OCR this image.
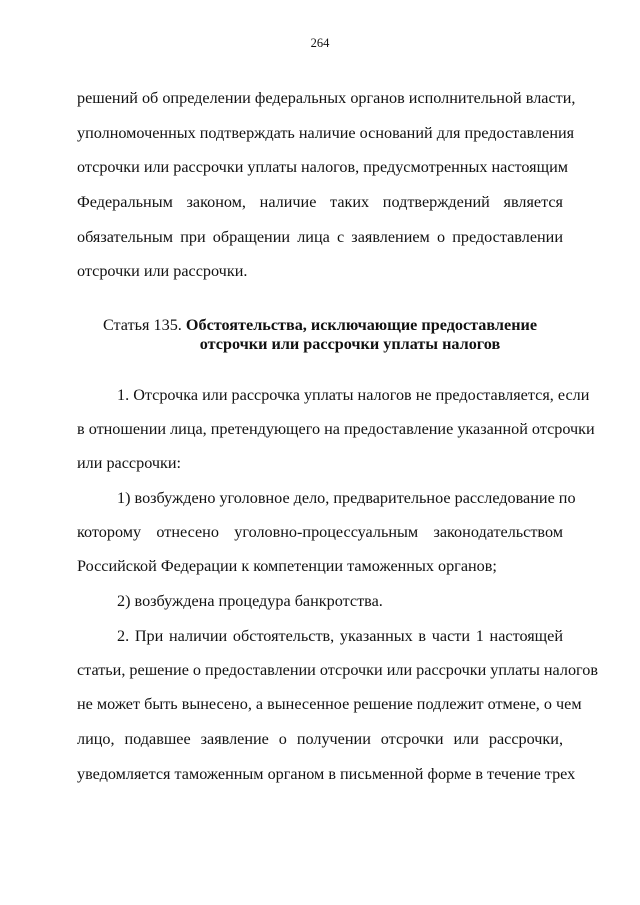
264
решений об определении федеральных органов исполнительной власти,
уполномоченных подтверждать наличие оснований для предоставления
отсрочки или рассрочки уплаты налогов, предусмотренных настоящим
Федеральным законом, наличие таких подтверждений является
обязательным при обращении лица с заявлением о предоставлении
отсрочки или рассрочки.
Статья 135. Обстоятельства, исключающие предоставление
отсрочки или рассрочки уплаты налогов
1. Отсрочка или рассрочка уплаты налогов не предоставляется, если
в отношении лица, претендующего на предоставление указанной отсрочки
или рассрочки:
1) возбуждено уголовное дело, предварительное расследование по
которому отнесено уголовно-процессуальным законодательством
Российской Федерации к компетенции таможенных органов;
2) возбуждена процедура банкротства.
2. При наличии обстоятельств, указанных в части 1 настоящей
статьи, решение о предоставлении отсрочки или рассрочки уплаты налогов
не может быть вынесено, а вынесенное решение подлежит отмене, о чем
лицо, подавшее заявление о получении отсрочки или рассрочки,
уведомляется таможенным органом в письменной форме в течение трех
